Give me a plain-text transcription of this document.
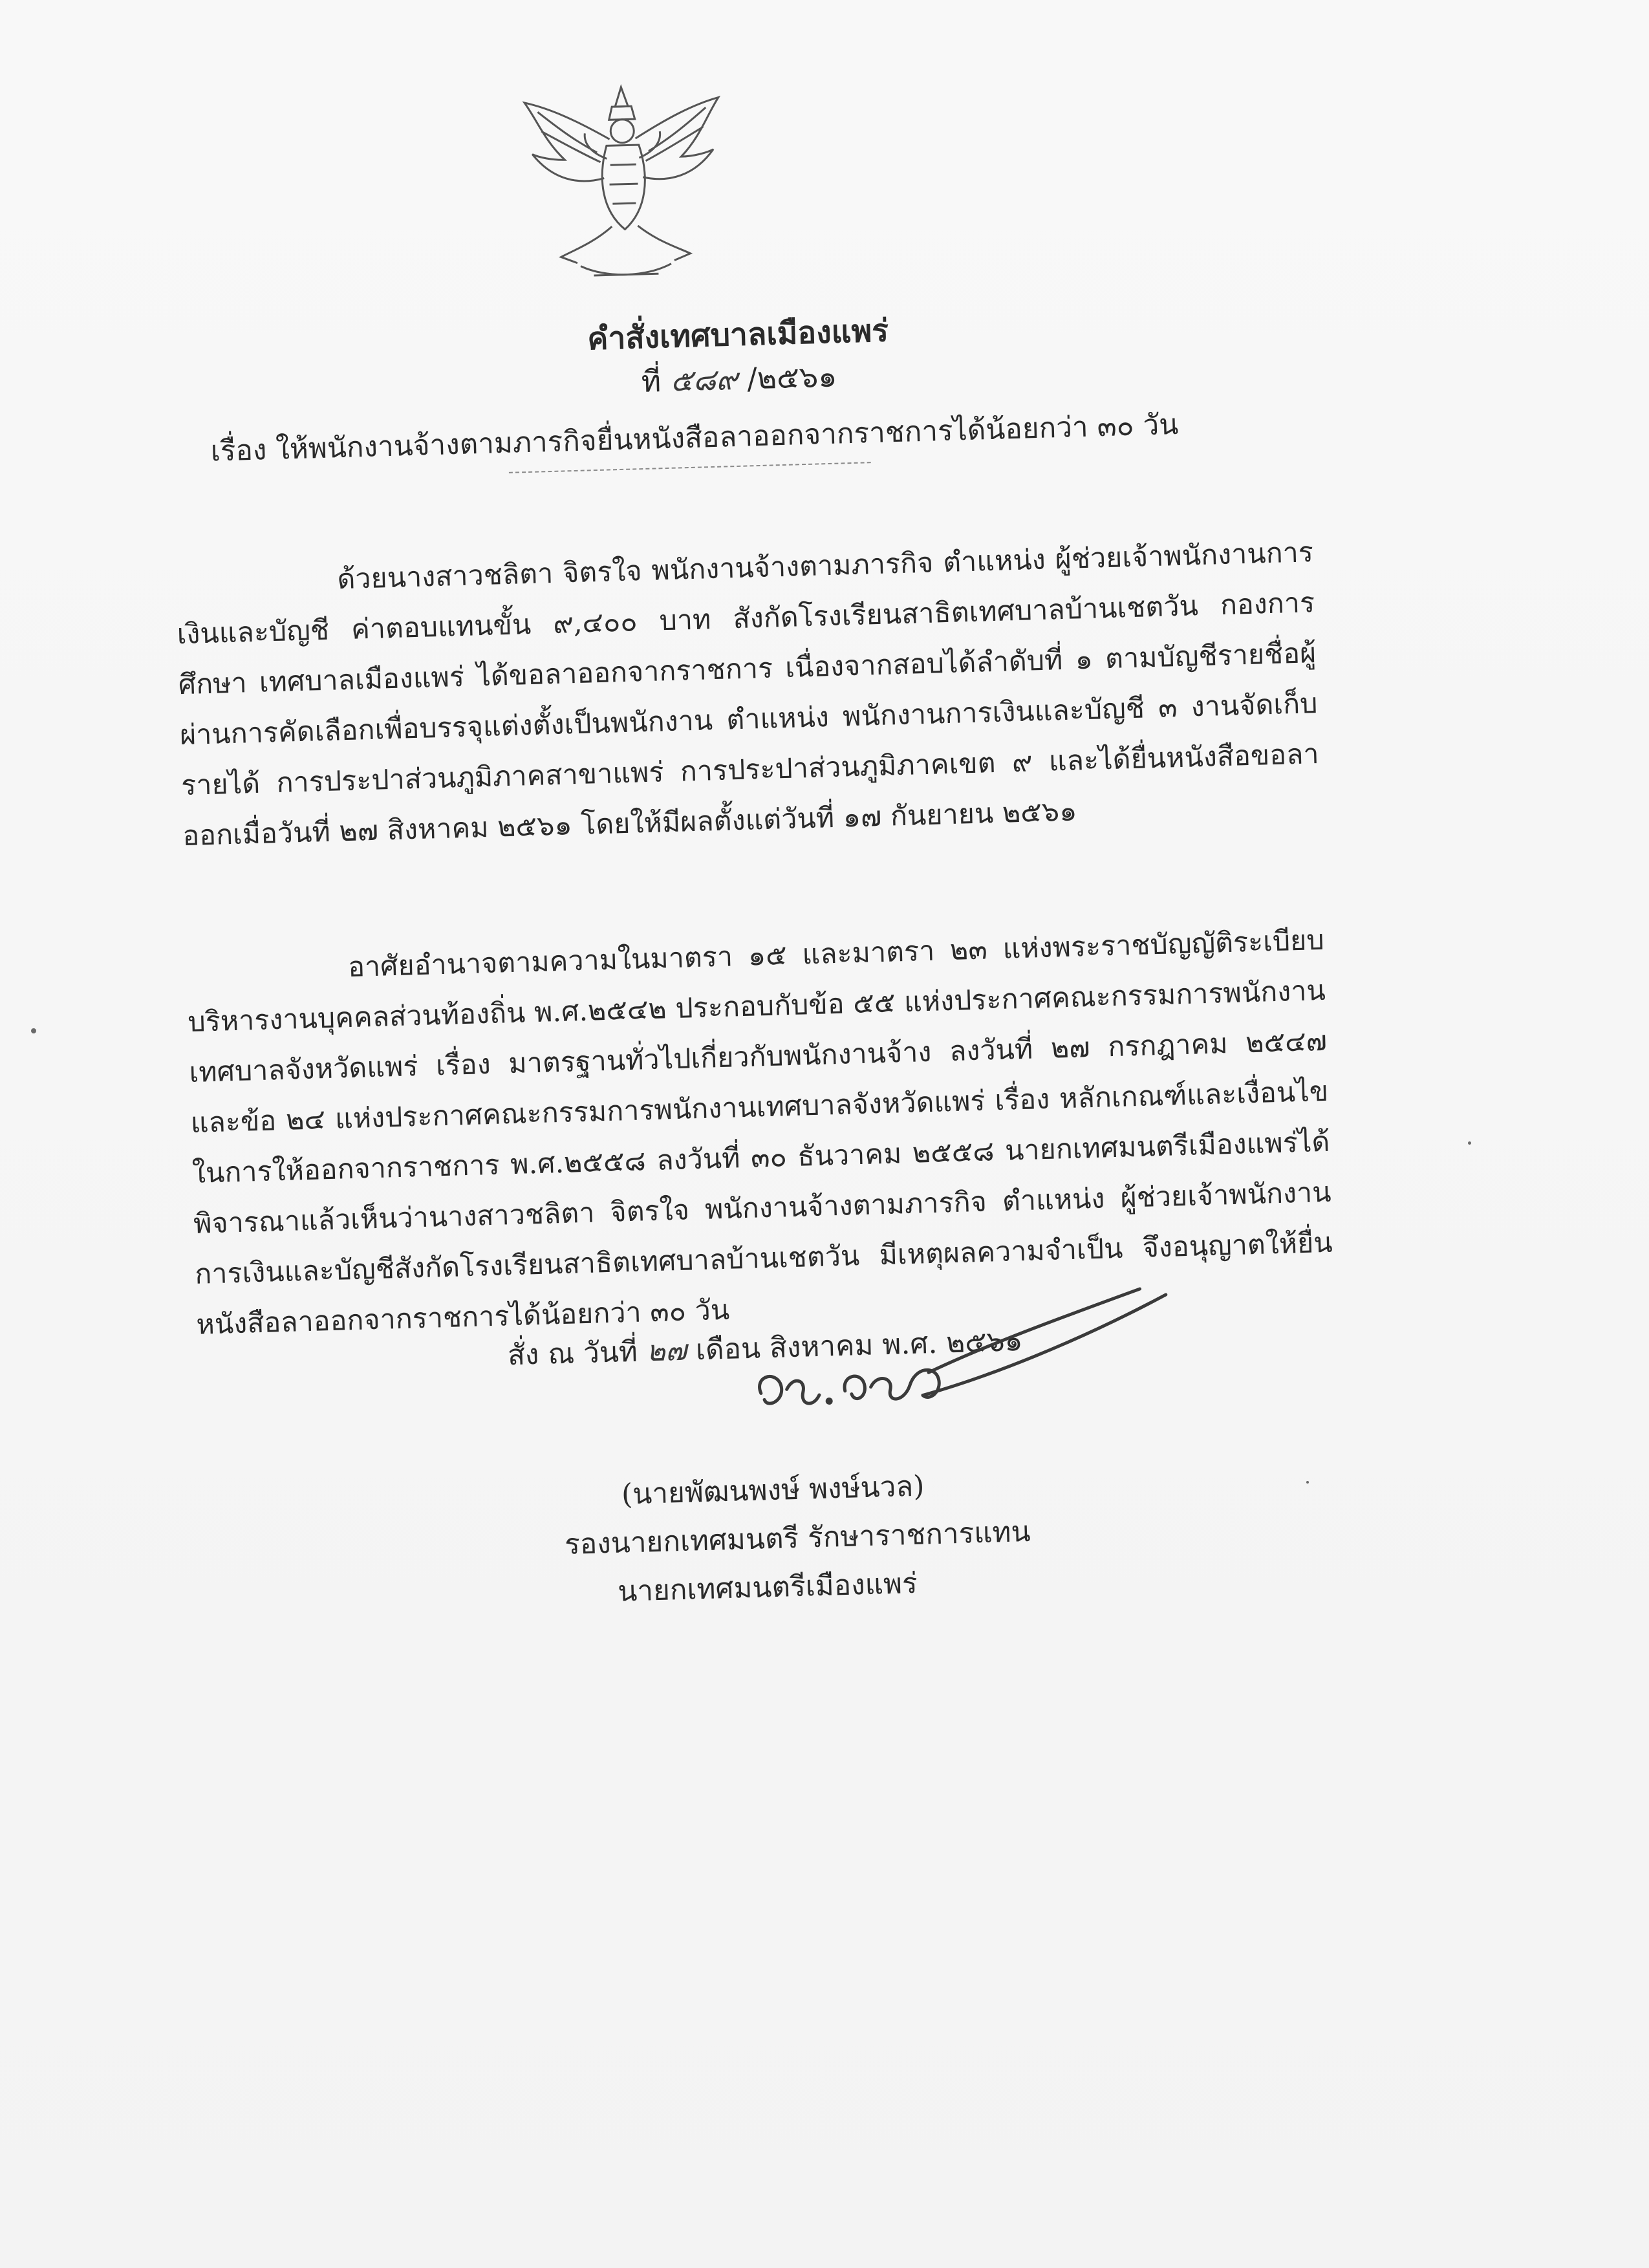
คำสั่งเทศบาลเมืองแพร่
ที่ ๕๘๙ /๒๕๖๑
เรื่อง ให้พนักงานจ้างตามภารกิจยื่นหนังสือลาออกจากราชการได้น้อยกว่า ๓๐ วัน
ด้วยนางสาวชลิตา จิตรใจ พนักงานจ้างตามภารกิจ ตำแหน่ง ผู้ช่วยเจ้าพนักงานการเงินและบัญชี ค่าตอบแทนขั้น ๙,๔๐๐ บาท สังกัดโรงเรียนสาธิตเทศบาลบ้านเชตวัน กองการศึกษา เทศบาลเมืองแพร่ ได้ขอลาออกจากราชการ เนื่องจากสอบได้ลำดับที่ ๑ ตามบัญชีรายชื่อผู้ผ่านการคัดเลือกเพื่อบรรจุแต่งตั้งเป็นพนักงาน ตำแหน่ง พนักงานการเงินและบัญชี ๓ งานจัดเก็บรายได้ การประปาส่วนภูมิภาคสาขาแพร่ การประปาส่วนภูมิภาคเขต ๙ และได้ยื่นหนังสือขอลาออกเมื่อวันที่ ๒๗ สิงหาคม ๒๕๖๑ โดยให้มีผลตั้งแต่วันที่ ๑๗ กันยายน ๒๕๖๑
อาศัยอำนาจตามความในมาตรา ๑๕ และมาตรา ๒๓ แห่งพระราชบัญญัติระเบียบบริหารงานบุคคลส่วนท้องถิ่น พ.ศ.๒๕๔๒ ประกอบกับข้อ ๕๕ แห่งประกาศคณะกรรมการพนักงานเทศบาลจังหวัดแพร่ เรื่อง มาตรฐานทั่วไปเกี่ยวกับพนักงานจ้าง ลงวันที่ ๒๗ กรกฎาคม ๒๕๔๗ และข้อ ๒๔ แห่งประกาศคณะกรรมการพนักงานเทศบาลจังหวัดแพร่ เรื่อง หลักเกณฑ์และเงื่อนไขในการให้ออกจากราชการ พ.ศ.๒๕๕๘ ลงวันที่ ๓๐ ธันวาคม ๒๕๕๘ นายกเทศมนตรีเมืองแพร่ได้พิจารณาแล้วเห็นว่านางสาวชลิตา จิตรใจ พนักงานจ้างตามภารกิจ ตำแหน่ง ผู้ช่วยเจ้าพนักงานการเงินและบัญชีสังกัดโรงเรียนสาธิตเทศบาลบ้านเชตวัน มีเหตุผลความจำเป็น จึงอนุญาตให้ยื่นหนังสือลาออกจากราชการได้น้อยกว่า ๓๐ วัน
สั่ง ณ วันที่ ๒๗ เดือน สิงหาคม พ.ศ. ๒๕๖๑
(นายพัฒนพงษ์ พงษ์นวล)
รองนายกเทศมนตรี รักษาราชการแทน
นายกเทศมนตรีเมืองแพร่
